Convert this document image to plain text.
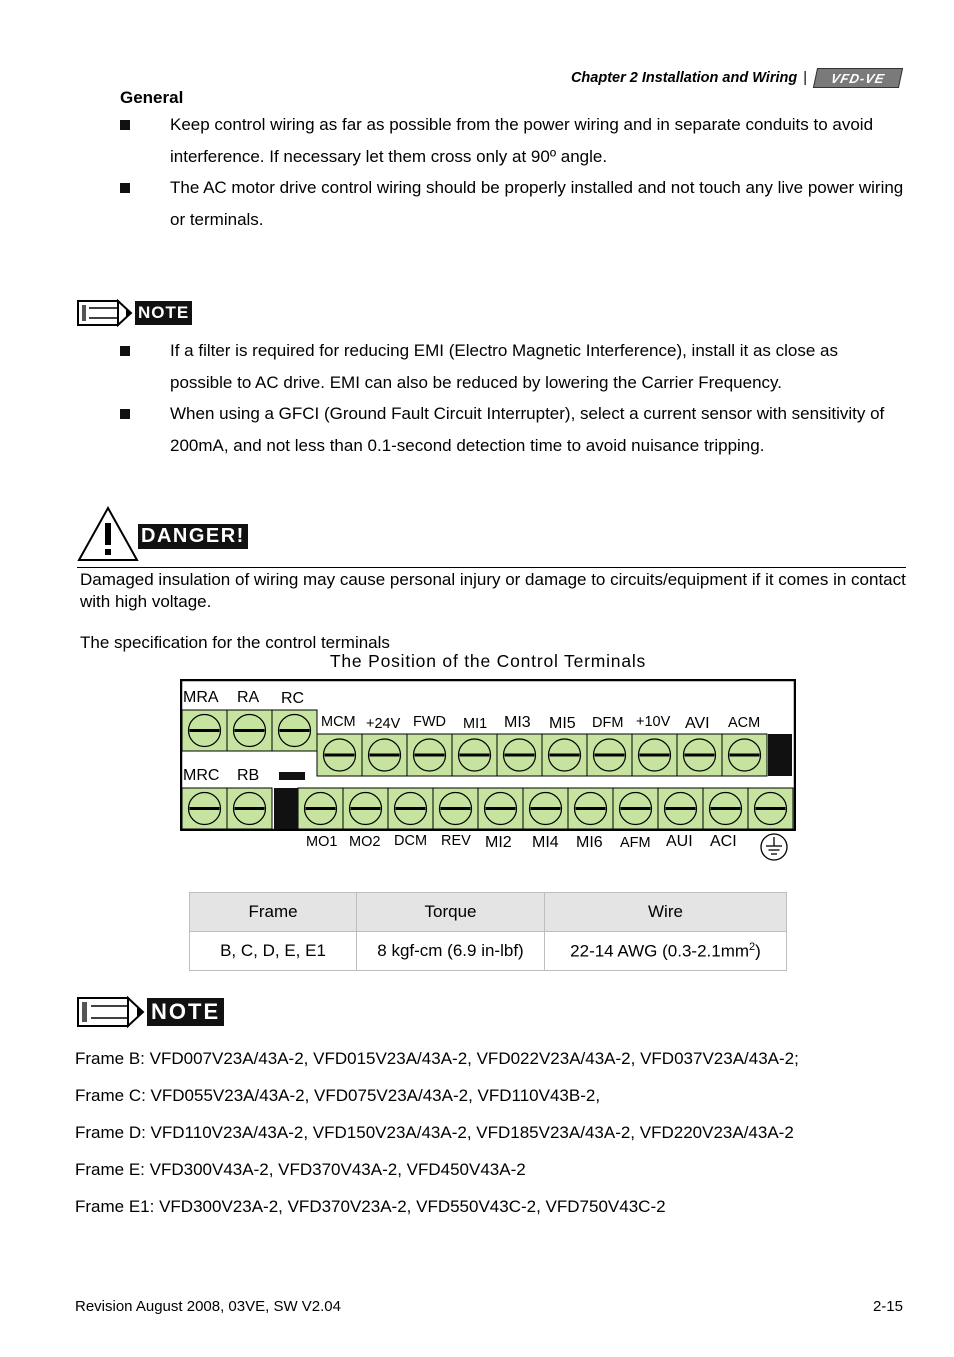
Chapter 2 Installation and Wiring | VFD-VE
General
Keep control wiring as far as possible from the power wiring and in separate conduits to avoid interference. If necessary let them cross only at 90º angle.
The AC motor drive control wiring should be properly installed and not touch any live power wiring or terminals.
NOTE
If a filter is required for reducing EMI (Electro Magnetic Interference), install it as close as possible to AC drive. EMI can also be reduced by lowering the Carrier Frequency.
When using a GFCI (Ground Fault Circuit Interrupter), select a current sensor with sensitivity of 200mA, and not less than 0.1-second detection time to avoid nuisance tripping.
DANGER!
Damaged insulation of wiring may cause personal injury or damage to circuits/equipment if it comes in contact with high voltage.
The specification for the control terminals
The Position of the Control Terminals
MRA RA RC
MCM +24V FWD MI1 MI3 MI5 DFM +10V AVI ACM
MRC RB
MO1 MO2 DCM REV MI2 MI4 MI6 AFM AUI ACI
Frame	Torque	Wire
B, C, D, E, E1	8 kgf-cm (6.9 in-lbf)	22-14 AWG $(0.3-2.1mm^2)$
NOTE
Frame B: VFD007V23A/43A-2, VFD015V23A/43A-2, VFD022V23A/43A-2, VFD037V23A/43A-2;
Frame C: VFD055V23A/43A-2, VFD075V23A/43A-2, VFD110V43B-2,
Frame D: VFD110V23A/43A-2, VFD150V23A/43A-2, VFD185V23A/43A-2, VFD220V23A/43A-2
Frame E: VFD300V43A-2, VFD370V43A-2, VFD450V43A-2
Frame E1: VFD300V23A-2, VFD370V23A-2, VFD550V43C-2, VFD750V43C-2
Revision August 2008, 03VE, SW V2.04	2-15
